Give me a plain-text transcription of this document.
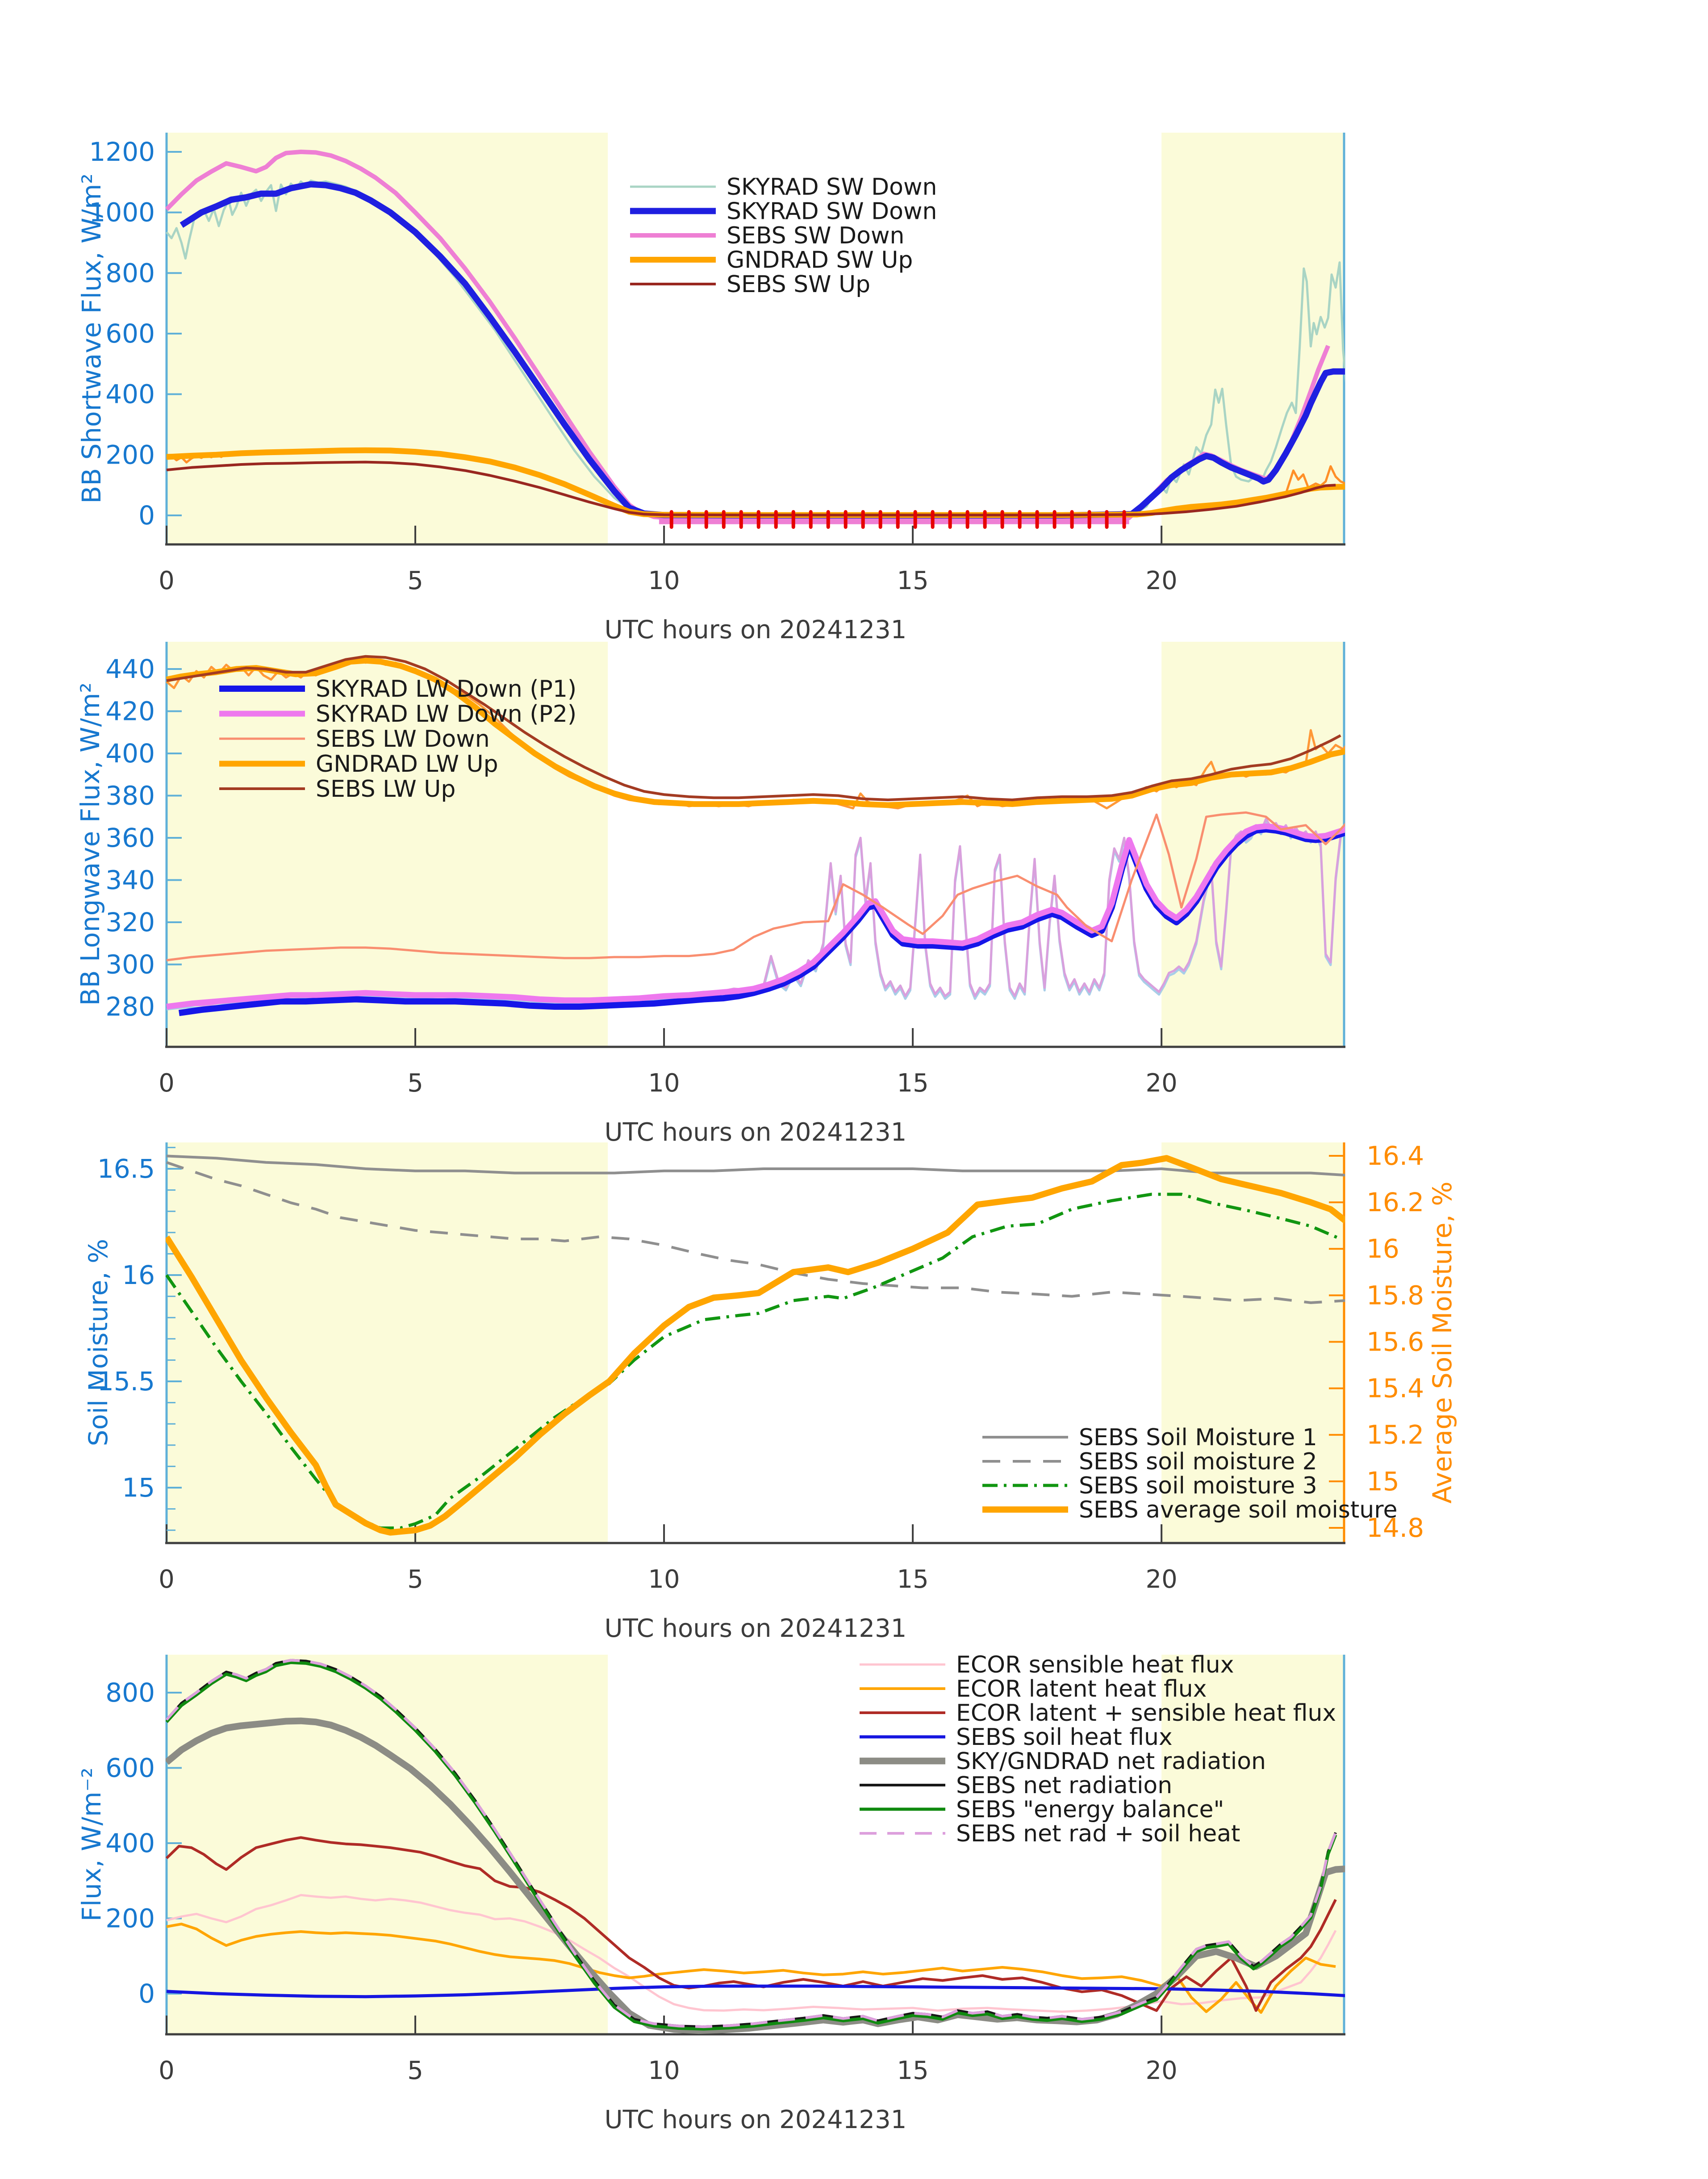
0	5	10	15	20
0
200
400
600
800
1000
1200
SKYRAD SW Down
SKYRAD SW Down
SEBS SW Down
GNDRAD SW Up
SEBS SW Up
0	5	10	15	20
280
300
320
340
360
380
400
420
440
SKYRAD LW Down (P1)
SKYRAD LW Down (P2)
SEBS LW Down
GNDRAD LW Up
SEBS LW Up
0	5	10	15	20
15
15.5
16
16.5
14.8
15
15.2
15.4
15.6
15.8
16
16.2
16.4
SEBS Soil Moisture 1
SEBS soil moisture 2
SEBS soil moisture 3
SEBS average soil moisture
0	5	10	15	20
0
200
400
600
800
ECOR sensible heat flux
ECOR latent heat flux
ECOR latent + sensible heat flux
SEBS soil heat flux
SKY/GNDRAD net radiation
SEBS net radiation
SEBS "energy balance"
SEBS net rad + soil heat
BB Shortwave Flux, W/m²
BB Longwave Flux, W/m²
Soil Moisture, %	Average Soil Moisture, %
Flux, W/m⁻²
UTC hours on 20241231
UTC hours on 20241231
UTC hours on 20241231
UTC hours on 20241231
